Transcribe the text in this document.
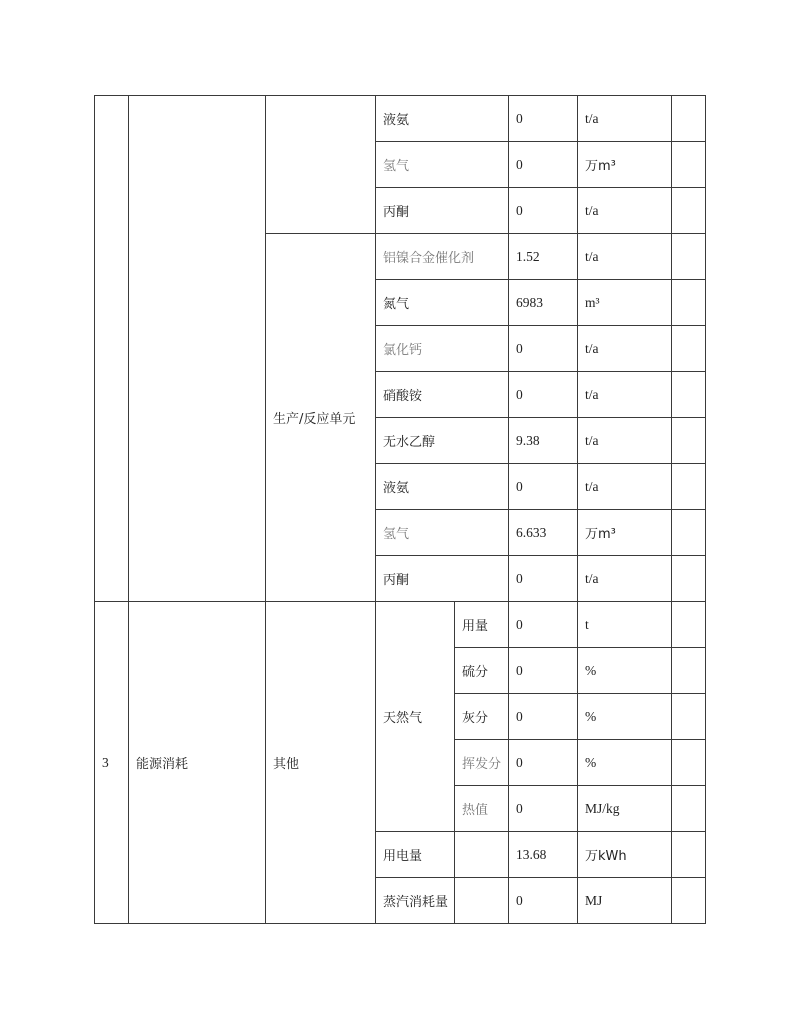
			液氨		0	t/a	
			氢气		0	万m³	
			丙酮		0	t/a	
		生产/反应单元	铝镍合金催化剂		1.52	t/a	
			氮气		6983	m³	
			氯化钙		0	t/a	
			硝酸铵		0	t/a	
			无水乙醇		9.38	t/a	
			液氨		0	t/a	
			氢气		6.633	万m³	
			丙酮		0	t/a	
3	能源消耗	其他	天然气	用量	0	t	
				硫分	0	%	
				灰分	0	%	
				挥发分	0	%	
				热值	0	MJ/kg	
			用电量		13.68	万kWh	
			蒸汽消耗量		0	MJ	
